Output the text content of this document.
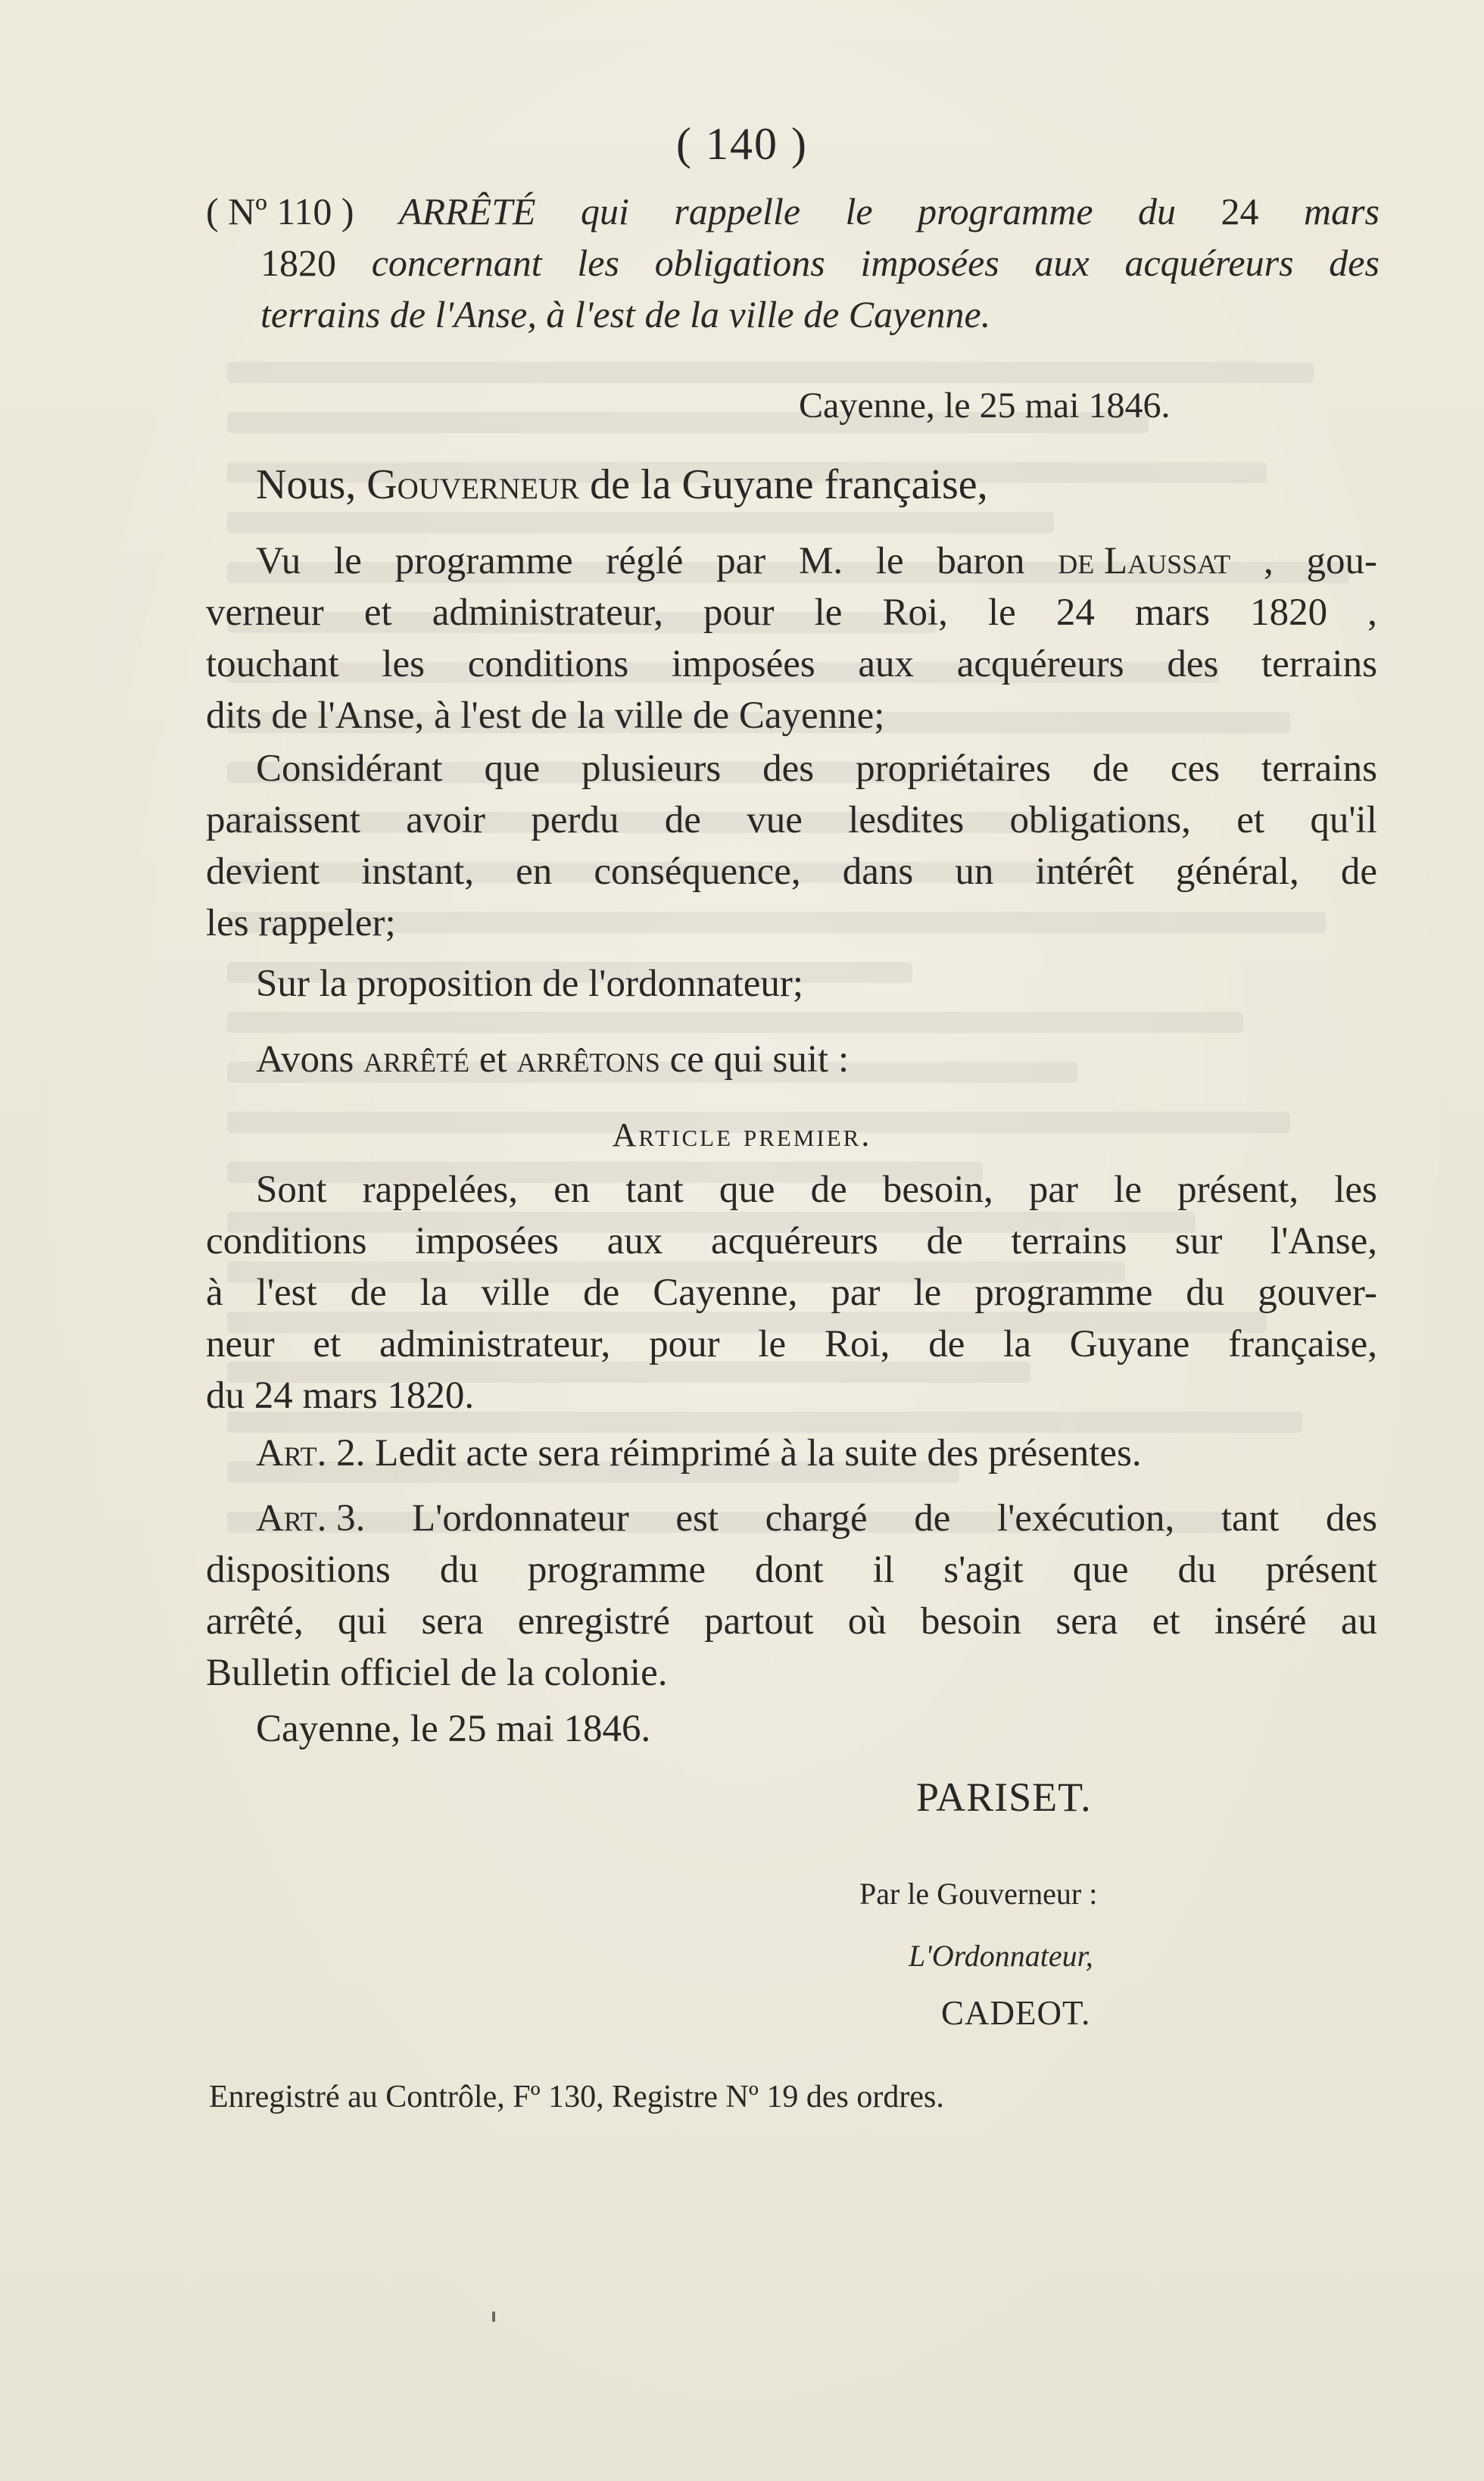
( 140 )
( Nº 110 ) ARRÊTÉ qui rappelle le programme du 24 mars
1820 concernant les obligations imposées aux acquéreurs des
terrains de l'Anse, à l'est de la ville de Cayenne.
Cayenne, le 25 mai 1846.
Nous, Gouverneur de la Guyane française,
Vu le programme réglé par M. le baron de Laussat , gou-
verneur et administrateur, pour le Roi, le 24 mars 1820 ,
touchant les conditions imposées aux acquéreurs des terrains
dits de l'Anse, à l'est de la ville de Cayenne;
Considérant que plusieurs des propriétaires de ces terrains
paraissent avoir perdu de vue lesdites obligations, et qu'il
devient instant, en conséquence, dans un intérêt général, de
les rappeler;
Sur la proposition de l'ordonnateur;
Avons arrêté et arrêtons ce qui suit :
Article premier.
Sont rappelées, en tant que de besoin, par le présent, les
conditions imposées aux acquéreurs de terrains sur l'Anse,
à l'est de la ville de Cayenne, par le programme du gouver-
neur et administrateur, pour le Roi, de la Guyane française,
du 24 mars 1820.
Art. 2. Ledit acte sera réimprimé à la suite des présentes.
Art. 3. L'ordonnateur est chargé de l'exécution, tant des
dispositions du programme dont il s'agit que du présent
arrêté, qui sera enregistré partout où besoin sera et inséré au
Bulletin officiel de la colonie.
Cayenne, le 25 mai 1846.
PARISET.
Par le Gouverneur :
L'Ordonnateur,
CADEOT.
Enregistré au Contrôle, Fº 130, Registre Nº 19 des ordres.
